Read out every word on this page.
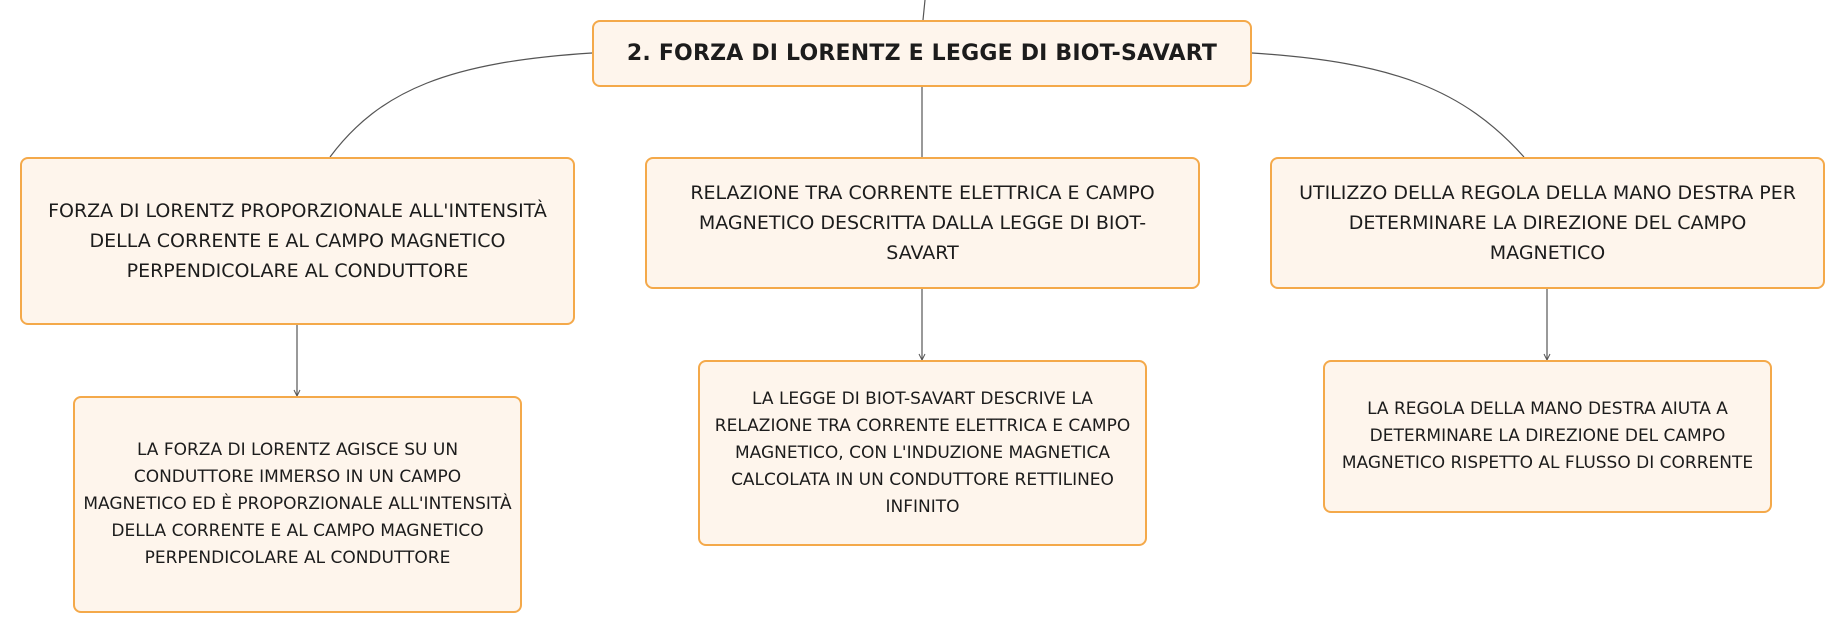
2. FORZA DI LORENTZ E LEGGE DI BIOT-SAVART
FORZA DI LORENTZ PROPORZIONALE ALL'INTENSITÀ DELLA CORRENTE E AL CAMPO MAGNETICO PERPENDICOLARE AL CONDUTTORE
RELAZIONE TRA CORRENTE ELETTRICA E CAMPO MAGNETICO DESCRITTA DALLA LEGGE DI BIOT-SAVART
UTILIZZO DELLA REGOLA DELLA MANO DESTRA PER DETERMINARE LA DIREZIONE DEL CAMPO MAGNETICO
LA FORZA DI LORENTZ AGISCE SU UN CONDUTTORE IMMERSO IN UN CAMPO MAGNETICO ED È PROPORZIONALE ALL'INTENSITÀ DELLA CORRENTE E AL CAMPO MAGNETICO PERPENDICOLARE AL CONDUTTORE
LA LEGGE DI BIOT-SAVART DESCRIVE LA RELAZIONE TRA CORRENTE ELETTRICA E CAMPO MAGNETICO, CON L'INDUZIONE MAGNETICA CALCOLATA IN UN CONDUTTORE RETTILINEO INFINITO
LA REGOLA DELLA MANO DESTRA AIUTA A DETERMINARE LA DIREZIONE DEL CAMPO MAGNETICO RISPETTO AL FLUSSO DI CORRENTE
